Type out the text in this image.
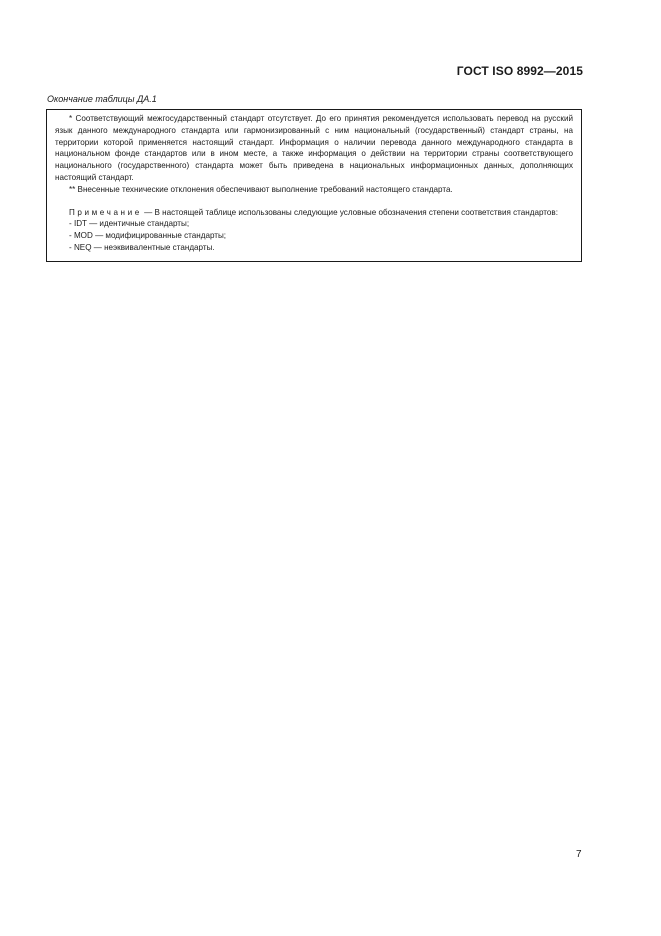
ГОСТ ISO 8992—2015
Окончание таблицы ДА.1

* Соответствующий межгосударственный стандарт отсутствует. До его принятия рекомендуется использовать перевод на русский язык данного международного стандарта или гармонизированный с ним национальный (государственный) стандарт страны, на территории которой применяется настоящий стандарт. Информация о наличии перевода данного международного стандарта в национальном фонде стандартов или в ином месте, а также информация о действии на территории страны соответствующего национального (государственного) стандарта может быть приведена в национальных информационных данных, дополняющих настоящий стандарт.

** Внесенные технические отклонения обеспечивают выполнение требований настоящего стандарта.

Примечание — В настоящей таблице использованы следующие условные обозначения степени соответствия стандартов:

- IDT — идентичные стандарты;

- MOD — модифицированные стандарты;

- NEQ — неэквивалентные стандарты.

7
